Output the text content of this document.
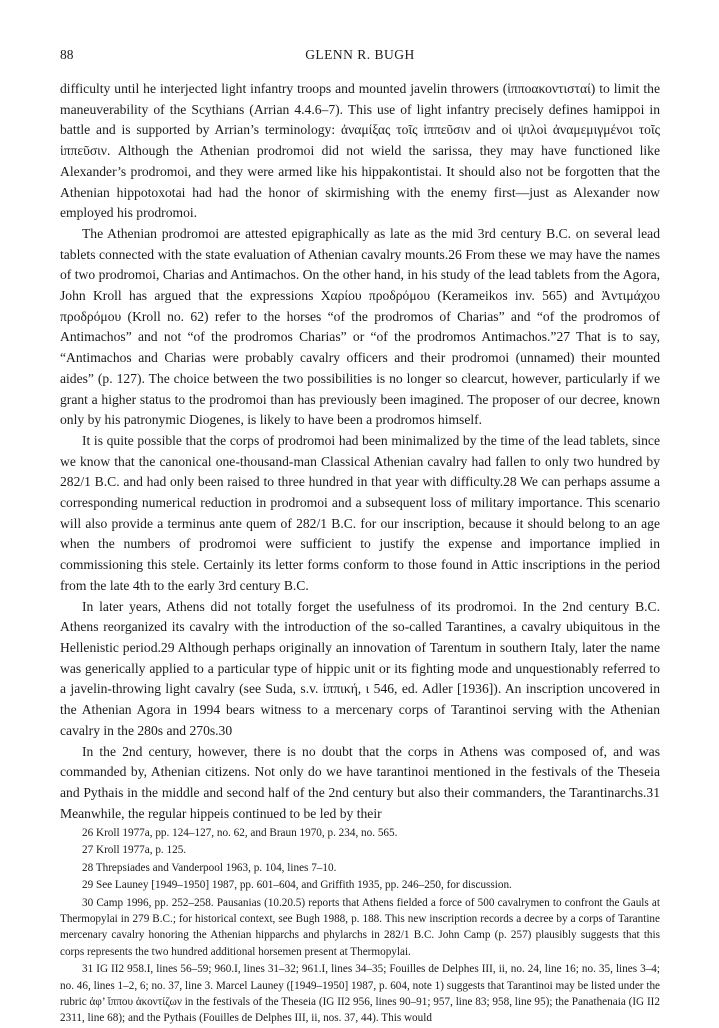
88	GLENN R. BUGH

difficulty until he interjected light infantry troops and mounted javelin throwers (ἱπποακοντισταί) to limit the maneuverability of the Scythians (Arrian 4.4.6–7). This use of light infantry precisely defines hamippoi in battle and is supported by Arrian’s terminology: ἀναμίξας τοῖς ἱππεῦσιν and οἱ ψιλοὶ ἀναμεμιγμένοι τοῖς ἱππεῦσιν. Although the Athenian prodromoi did not wield the sarissa, they may have functioned like Alexander’s prodromoi, and they were armed like his hippakontistai. It should also not be forgotten that the Athenian hippotoxotai had had the honor of skirmishing with the enemy first—just as Alexander now employed his prodromoi.

The Athenian prodromoi are attested epigraphically as late as the mid 3rd century B.C. on several lead tablets connected with the state evaluation of Athenian cavalry mounts.26 From these we may have the names of two prodromoi, Charias and Antimachos. On the other hand, in his study of the lead tablets from the Agora, John Kroll has argued that the expressions Χαρίου προδρόμου (Kerameikos inv. 565) and Ἀντιμάχου προδρόμου (Kroll no. 62) refer to the horses “of the prodromos of Charias” and “of the prodromos of Antimachos” and not “of the prodromos Charias” or “of the prodromos Antimachos.”27 That is to say, “Antimachos and Charias were probably cavalry officers and their prodromoi (unnamed) their mounted aides” (p. 127). The choice between the two possibilities is no longer so clearcut, however, particularly if we grant a higher status to the prodromoi than has previously been imagined. The proposer of our decree, known only by his patronymic Diogenes, is likely to have been a prodromos himself.

It is quite possible that the corps of prodromoi had been minimalized by the time of the lead tablets, since we know that the canonical one-thousand-man Classical Athenian cavalry had fallen to only two hundred by 282/1 B.C. and had only been raised to three hundred in that year with difficulty.28 We can perhaps assume a corresponding numerical reduction in prodromoi and a subsequent loss of military importance. This scenario will also provide a terminus ante quem of 282/1 B.C. for our inscription, because it should belong to an age when the numbers of prodromoi were sufficient to justify the expense and importance implied in commissioning this stele. Certainly its letter forms conform to those found in Attic inscriptions in the period from the late 4th to the early 3rd century B.C.

In later years, Athens did not totally forget the usefulness of its prodromoi. In the 2nd century B.C. Athens reorganized its cavalry with the introduction of the so-called Tarantines, a cavalry ubiquitous in the Hellenistic period.29 Although perhaps originally an innovation of Tarentum in southern Italy, later the name was generically applied to a particular type of hippic unit or its fighting mode and unquestionably referred to a javelin-throwing light cavalry (see Suda, s.v. ἱππική, ι 546, ed. Adler [1936]). An inscription uncovered in the Athenian Agora in 1994 bears witness to a mercenary corps of Tarantinoi serving with the Athenian cavalry in the 280s and 270s.30

In the 2nd century, however, there is no doubt that the corps in Athens was composed of, and was commanded by, Athenian citizens. Not only do we have tarantinoi mentioned in the festivals of the Theseia and Pythais in the middle and second half of the 2nd century but also their commanders, the Tarantinarchs.31 Meanwhile, the regular hippeis continued to be led by their

26 Kroll 1977a, pp. 124–127, no. 62, and Braun 1970, p. 234, no. 565.

27 Kroll 1977a, p. 125.

28 Threpsiades and Vanderpool 1963, p. 104, lines 7–10.

29 See Launey [1949–1950] 1987, pp. 601–604, and Griffith 1935, pp. 246–250, for discussion.

30 Camp 1996, pp. 252–258. Pausanias (10.20.5) reports that Athens fielded a force of 500 cavalrymen to confront the Gauls at Thermopylai in 279 B.C.; for historical context, see Bugh 1988, p. 188. This new inscription records a decree by a corps of Tarantine mercenary cavalry honoring the Athenian hipparchs and phylarchs in 282/1 B.C. John Camp (p. 257) plausibly suggests that this corps represents the two hundred additional horsemen present at Thermopylai.

31 IG II2 958.I, lines 56–59; 960.I, lines 31–32; 961.I, lines 34–35; Fouilles de Delphes III, ii, no. 24, line 16; no. 35, lines 3–4; no. 46, lines 1–2, 6; no. 37, line 3. Marcel Launey ([1949–1950] 1987, p. 604, note 1) suggests that Tarantinoi may be listed under the rubric ἀφ’ ἵππου ἀκοντίζων in the festivals of the Theseia (IG II2 956, lines 90–91; 957, line 83; 958, line 95); the Panathenaia (IG II2 2311, line 68); and the Pythais (Fouilles de Delphes III, ii, nos. 37, 44). This would
